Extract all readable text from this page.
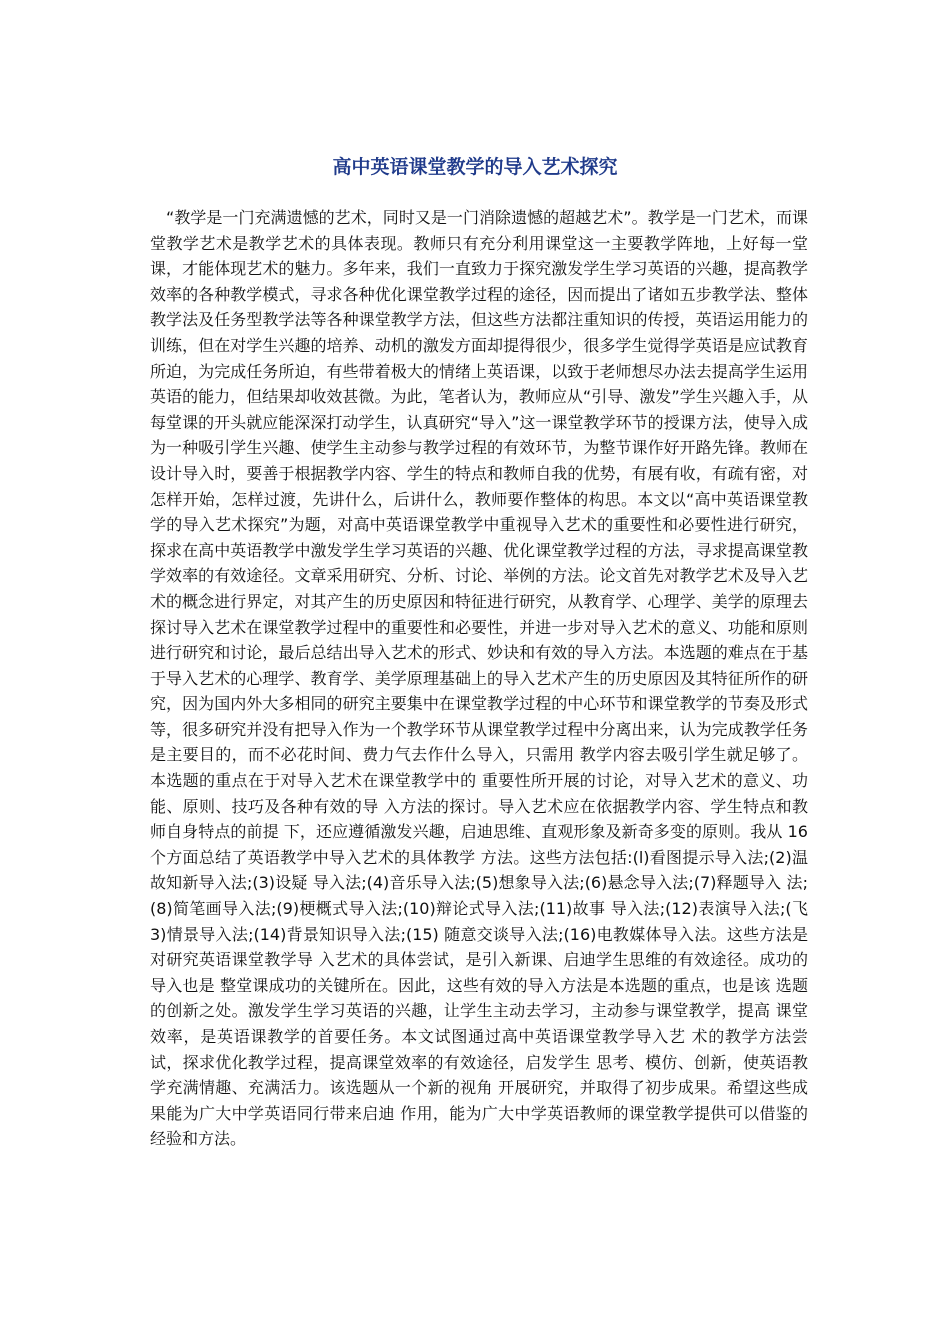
高中英语课堂教学的导入艺术探究

“教学是一门充满遗憾的艺术，同时又是一门消除遗憾的超越艺术”。教学是一门艺术，而课堂教学艺术是教学艺术的具体表现。教师只有充分利用课堂这一主要教学阵地，上好每一堂课，才能体现艺术的魅力。多年来，我们一直致力于探究激发学生学习英语的兴趣，提高教学效率的各种教学模式，寻求各种优化课堂教学过程的途径，因而提出了诸如五步教学法、整体教学法及任务型教学法等各种课堂教学方法，但这些方法都注重知识的传授，英语运用能力的训练，但在对学生兴趣的培养、动机的激发方面却提得很少，很多学生觉得学英语是应试教育所迫，为完成任务所迫，有些带着极大的情绪上英语课，以致于老师想尽办法去提高学生运用英语的能力，但结果却收效甚微。为此，笔者认为，教师应从“引导、激发”学生兴趣入手，从每堂课的开头就应能深深打动学生，认真研究“导入”这一课堂教学环节的授课方法，使导入成为一种吸引学生兴趣、使学生主动参与教学过程的有效环节，为整节课作好开路先锋。教师在设计导入时，要善于根据教学内容、学生的特点和教师自我的优势，有展有收，有疏有密，对怎样开始，怎样过渡，先讲什么，后讲什么，教师要作整体的构思。本文以“高中英语课堂教学的导入艺术探究”为题，对高中英语课堂教学中重视导入艺术的重要性和必要性进行研究，探求在高中英语教学中激发学生学习英语的兴趣、优化课堂教学过程的方法，寻求提高课堂教学效率的有效途径。文章采用研究、分析、讨论、举例的方法。论文首先对教学艺术及导入艺术的概念进行界定，对其产生的历史原因和特征进行研究，从教育学、心理学、美学的原理去探讨导入艺术在课堂教学过程中的重要性和必要性，并进一步对导入艺术的意义、功能和原则进行研究和讨论，最后总结出导入艺术的形式、妙诀和有效的导入方法。本选题的难点在于基于导入艺术的心理学、教育学、美学原理基础上的导入艺术产生的历史原因及其特征所作的研究，因为国内外大多相同的研究主要集中在课堂教学过程的中心环节和课堂教学的节奏及形式等，很多研究并没有把导入作为一个教学环节从课堂教学过程中分离出来，认为完成教学任务是主要目的，而不必花时间、费力气去作什么导入，只需用 教学内容去吸引学生就足够了。本选题的重点在于对导入艺术在课堂教学中的 重要性所开展的讨论，对导入艺术的意义、功能、原则、技巧及各种有效的导 入方法的探讨。导入艺术应在依据教学内容、学生特点和教师自身特点的前提 下，还应遵循激发兴趣，启迪思维、直观形象及新奇多变的原则。我从 16 个方面总结了英语教学中导入艺术的具体教学 方法。这些方法包括:(l)看图提示导入法;(2)温故知新导入法;(3)设疑 导入法;(4)音乐导入法;(5)想象导入法;(6)悬念导入法;(7)释题导入 法;(8)简笔画导入法;(9)梗概式导入法;(10)辩论式导入法;(11)故事 导入法;(12)表演导入法;(飞 3)情景导入法;(14)背景知识导入法;(15) 随意交谈导入法;(16)电教媒体导入法。这些方法是对研究英语课堂教学导 入艺术的具体尝试，是引入新课、启迪学生思维的有效途径。成功的导入也是 整堂课成功的关键所在。因此，这些有效的导入方法是本选题的重点，也是该 选题的创新之处。激发学生学习英语的兴趣，让学生主动去学习，主动参与课堂教学，提高 课堂效率，是英语课教学的首要任务。本文试图通过高中英语课堂教学导入艺 术的教学方法尝试，探求优化教学过程，提高课堂效率的有效途径，启发学生 思考、模仿、创新，使英语教学充满情趣、充满活力。该选题从一个新的视角 开展研究，并取得了初步成果。希望这些成果能为广大中学英语同行带来启迪 作用，能为广大中学英语教师的课堂教学提供可以借鉴的经验和方法。
